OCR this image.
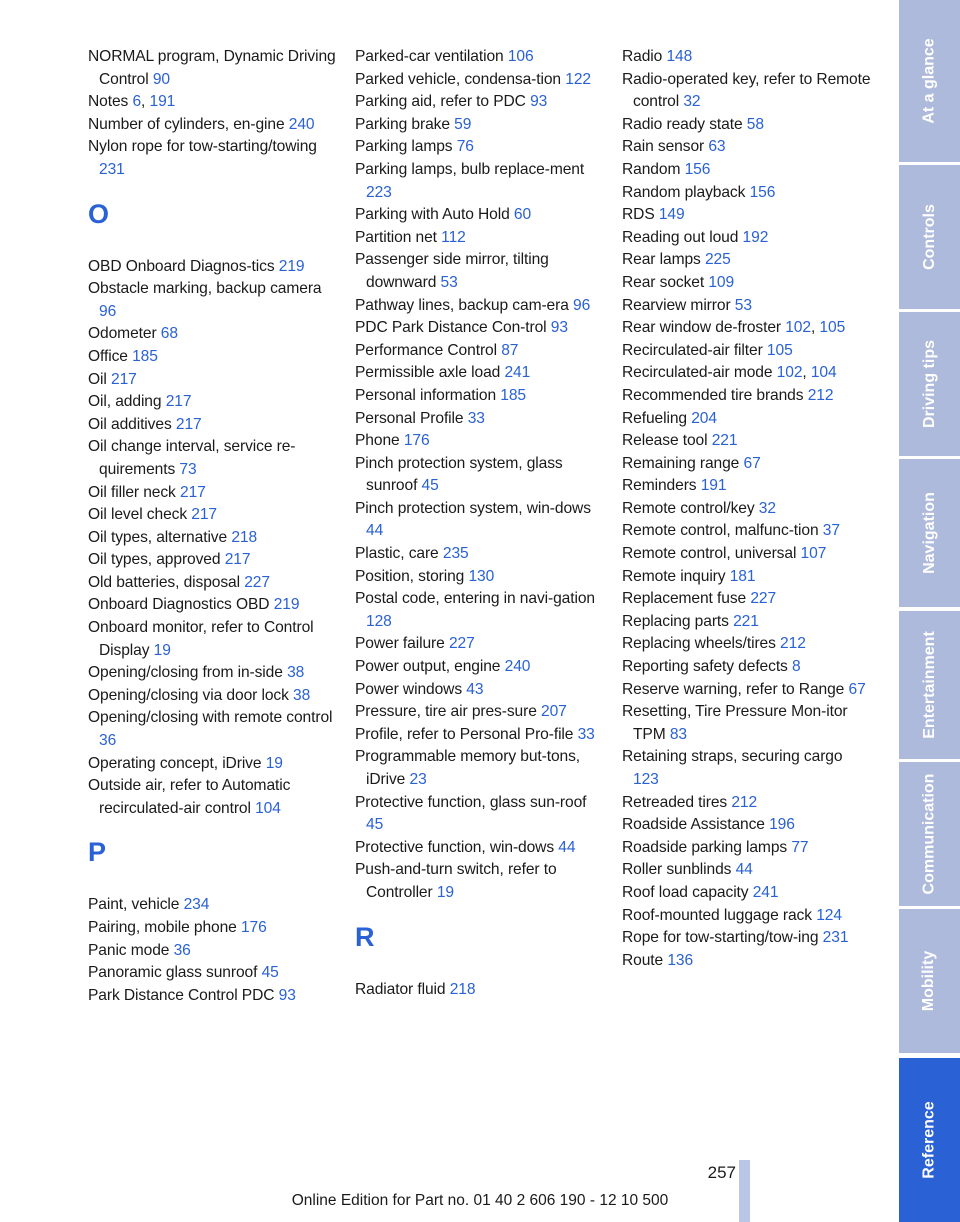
NORMAL program, Dynamic Driving Control 90
Notes 6, 191
Number of cylinders, en-gine 240
Nylon rope for tow-starting/towing 231
O
OBD Onboard Diagnos-tics 219
Obstacle marking, backup camera 96
Odometer 68
Office 185
Oil 217
Oil, adding 217
Oil additives 217
Oil change interval, service re-quirements 73
Oil filler neck 217
Oil level check 217
Oil types, alternative 218
Oil types, approved 217
Old batteries, disposal 227
Onboard Diagnostics OBD 219
Onboard monitor, refer to Control Display 19
Opening/closing from in-side 38
Opening/closing via door lock 38
Opening/closing with remote control 36
Operating concept, iDrive 19
Outside air, refer to Automatic recirculated-air control 104
P
Paint, vehicle 234
Pairing, mobile phone 176
Panic mode 36
Panoramic glass sunroof 45
Park Distance Control PDC 93
Parked-car ventilation 106
Parked vehicle, condensa-tion 122
Parking aid, refer to PDC 93
Parking brake 59
Parking lamps 76
Parking lamps, bulb replace-ment 223
Parking with Auto Hold 60
Partition net 112
Passenger side mirror, tilting downward 53
Pathway lines, backup cam-era 96
PDC Park Distance Con-trol 93
Performance Control 87
Permissible axle load 241
Personal information 185
Personal Profile 33
Phone 176
Pinch protection system, glass sunroof 45
Pinch protection system, win-dows 44
Plastic, care 235
Position, storing 130
Postal code, entering in navi-gation 128
Power failure 227
Power output, engine 240
Power windows 43
Pressure, tire air pres-sure 207
Profile, refer to Personal Pro-file 33
Programmable memory but-tons, iDrive 23
Protective function, glass sun-roof 45
Protective function, win-dows 44
Push-and-turn switch, refer to Controller 19
R
Radiator fluid 218
Radio 148
Radio-operated key, refer to Remote control 32
Radio ready state 58
Rain sensor 63
Random 156
Random playback 156
RDS 149
Reading out loud 192
Rear lamps 225
Rear socket 109
Rearview mirror 53
Rear window de-froster 102, 105
Recirculated-air filter 105
Recirculated-air mode 102, 104
Recommended tire brands 212
Refueling 204
Release tool 221
Remaining range 67
Reminders 191
Remote control/key 32
Remote control, malfunc-tion 37
Remote control, universal 107
Remote inquiry 181
Replacement fuse 227
Replacing parts 221
Replacing wheels/tires 212
Reporting safety defects 8
Reserve warning, refer to Range 67
Resetting, Tire Pressure Mon-itor TPM 83
Retaining straps, securing cargo 123
Retreaded tires 212
Roadside Assistance 196
Roadside parking lamps 77
Roller sunblinds 44
Roof load capacity 241
Roof-mounted luggage rack 124
Rope for tow-starting/tow-ing 231
Route 136
At a glance
Controls
Driving tips
Navigation
Entertainment
Communication
Mobility
Reference
257
Online Edition for Part no. 01 40 2 606 190 - 12 10 500
